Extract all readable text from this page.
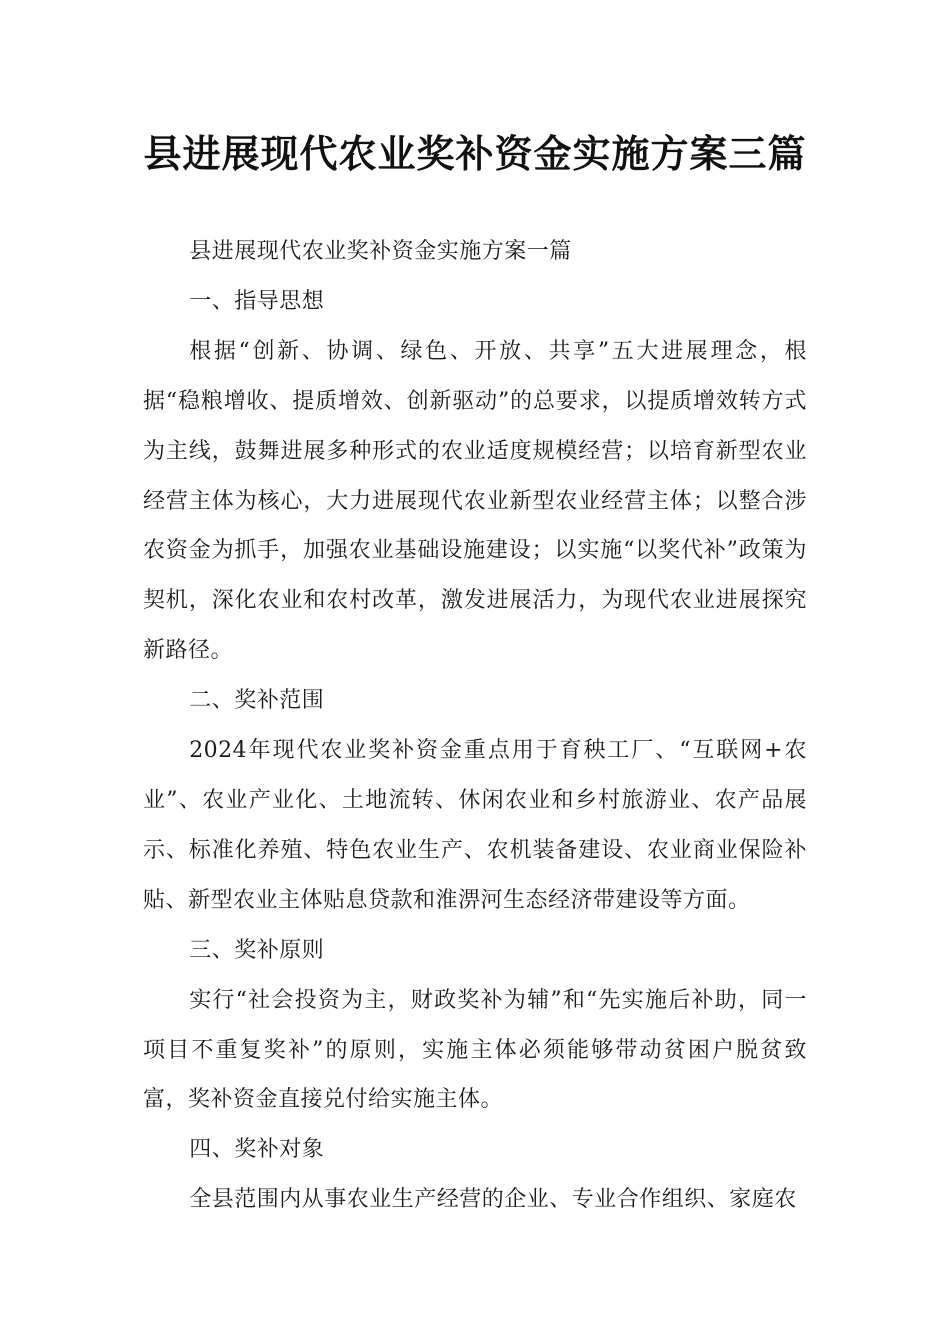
县进展现代农业奖补资金实施方案三篇

县进展现代农业奖补资金实施方案一篇

一、指导思想

根据“创新、协调、绿色、开放、共享”五大进展理念，根据“稳粮增收、提质增效、创新驱动”的总要求，以提质增效转方式为主线，鼓舞进展多种形式的农业适度规模经营；以培育新型农业经营主体为核心，大力进展现代农业新型农业经营主体；以整合涉农资金为抓手，加强农业基础设施建设；以实施“以奖代补”政策为契机，深化农业和农村改革，激发进展活力，为现代农业进展探究新路径。

二、奖补范围

2024年现代农业奖补资金重点用于育秧工厂、“互联网+农业”、农业产业化、土地流转、休闲农业和乡村旅游业、农产品展示、标准化养殖、特色农业生产、农机装备建设、农业商业保险补贴、新型农业主体贴息贷款和淮淠河生态经济带建设等方面。

三、奖补原则

实行“社会投资为主，财政奖补为辅”和“先实施后补助，同一项目不重复奖补”的原则，实施主体必须能够带动贫困户脱贫致富，奖补资金直接兑付给实施主体。

四、奖补对象

全县范围内从事农业生产经营的企业、专业合作组织、家庭农
